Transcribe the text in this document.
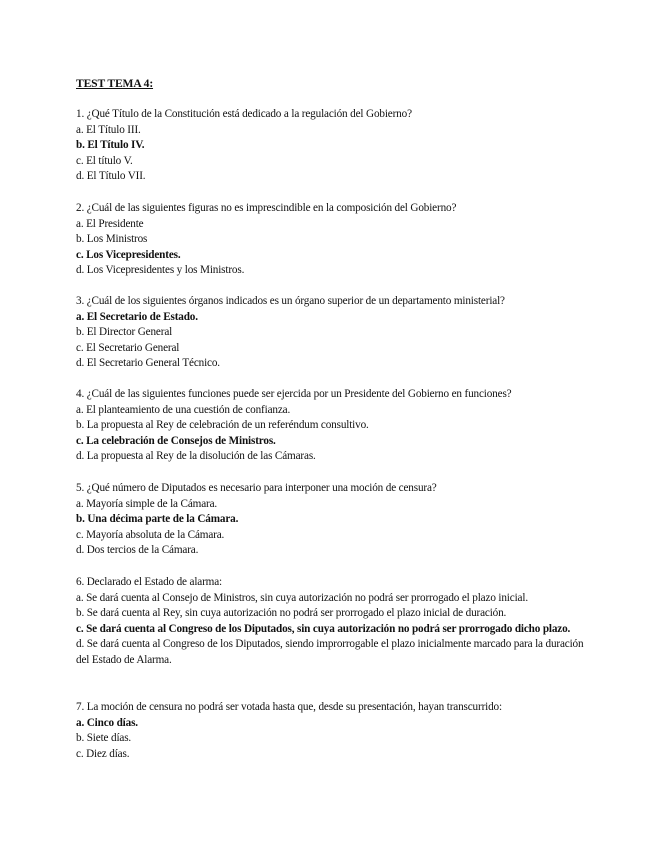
TEST TEMA 4:
1. ¿Qué Título de la Constitución está dedicado a la regulación del Gobierno?
a. El Título III.
b. El Título IV.
c. El título V.
d. El Título VII.
2. ¿Cuál de las siguientes figuras no es imprescindible en la composición del Gobierno?
a. El Presidente
b. Los Ministros
c. Los Vicepresidentes.
d. Los Vicepresidentes y los Ministros.
3. ¿Cuál de los siguientes órganos indicados es un órgano superior de un departamento ministerial?
a. El Secretario de Estado.
b. El Director General
c. El Secretario General
d. El Secretario General Técnico.
4. ¿Cuál de las siguientes funciones puede ser ejercida por un Presidente del Gobierno en funciones?
a. El planteamiento de una cuestión de confianza.
b. La propuesta al Rey de celebración de un referéndum consultivo.
c. La celebración de Consejos de Ministros.
d. La propuesta al Rey de la disolución de las Cámaras.
5. ¿Qué número de Diputados es necesario para interponer una moción de censura?
a. Mayoría simple de la Cámara.
b. Una décima parte de la Cámara.
c. Mayoría absoluta de la Cámara.
d. Dos tercios de la Cámara.
6. Declarado el Estado de alarma:
a. Se dará cuenta al Consejo de Ministros, sin cuya autorización no podrá ser prorrogado el plazo inicial.
b. Se dará cuenta al Rey, sin cuya autorización no podrá ser prorrogado el plazo inicial de duración.
c. Se dará cuenta al Congreso de los Diputados, sin cuya autorización no podrá ser prorrogado dicho plazo.
d. Se dará cuenta al Congreso de los Diputados, siendo improrrogable el plazo inicialmente marcado para la duración del Estado de Alarma.
7. La moción de censura no podrá ser votada hasta que, desde su presentación, hayan transcurrido:
a. Cinco días.
b. Siete días.
c. Diez días.
